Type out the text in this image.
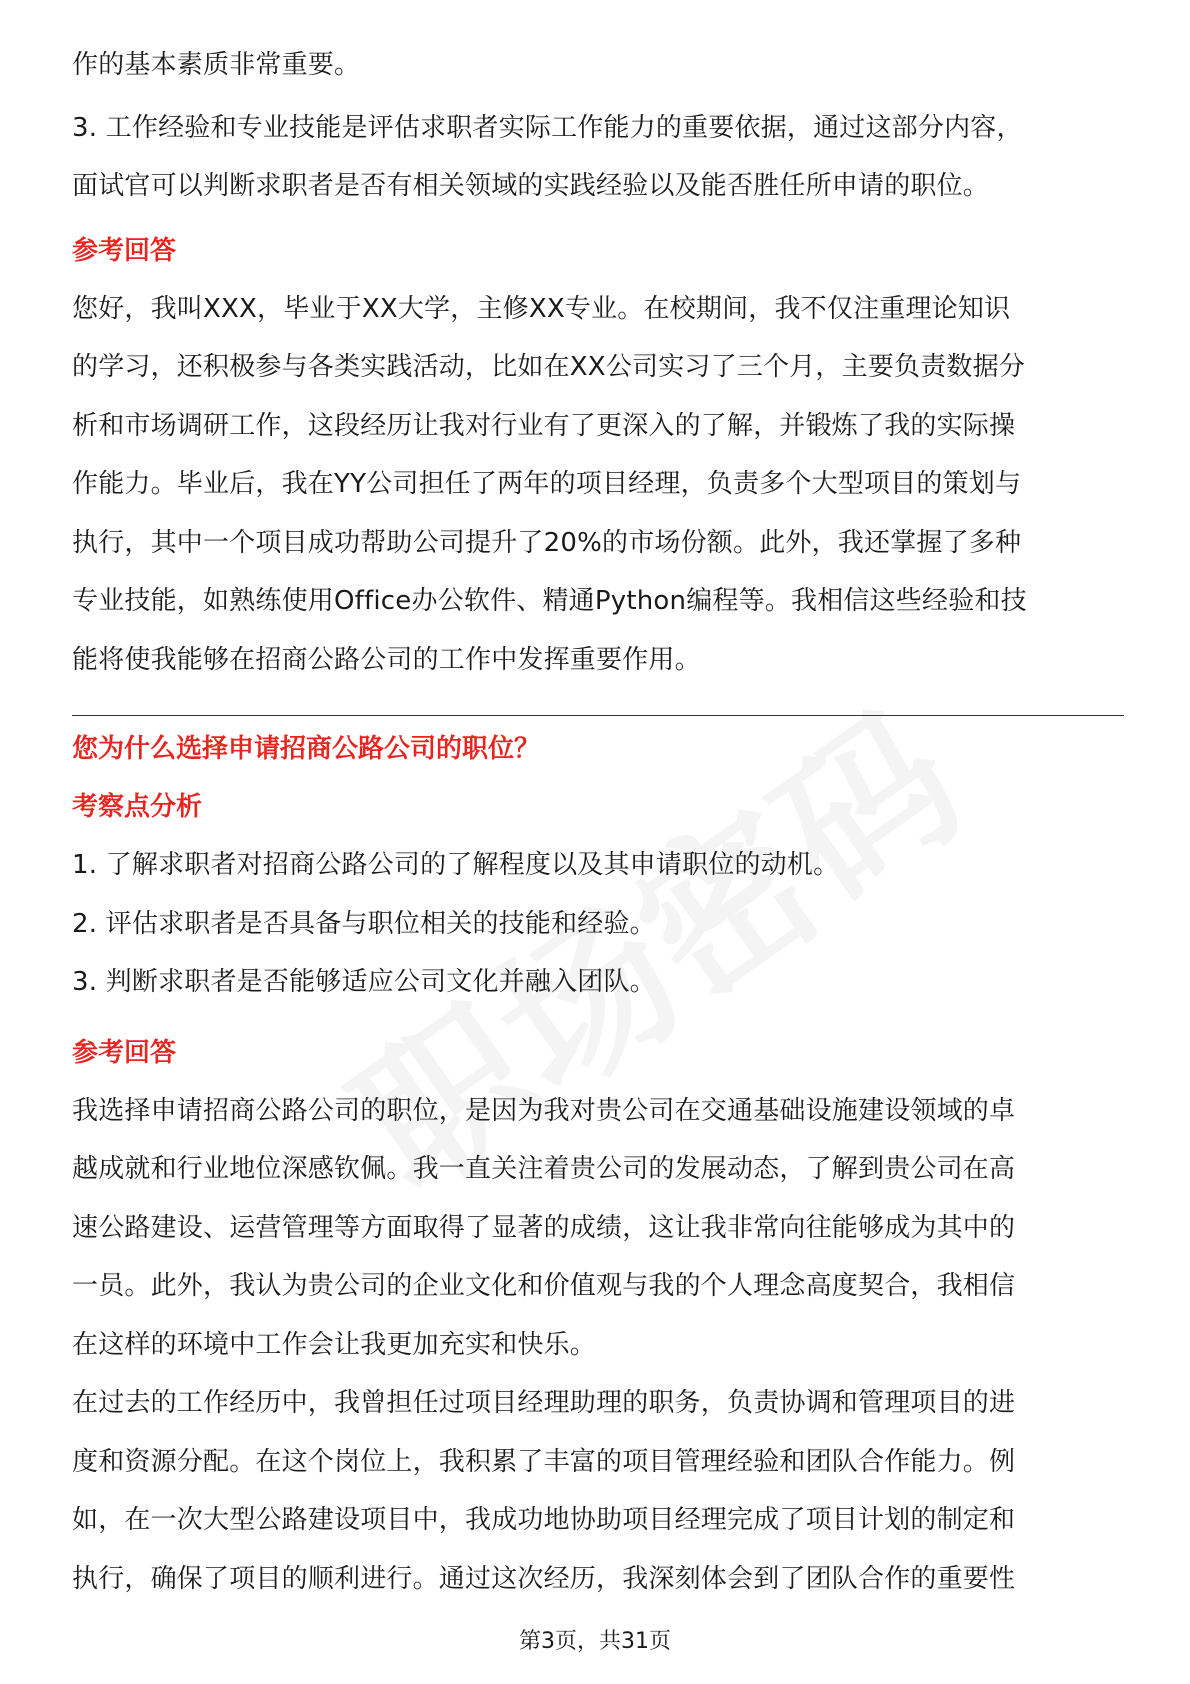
作的基本素质非常重要。

3. 工作经验和专业技能是评估求职者实际工作能力的重要依据，通过这部分内容，

面试官可以判断求职者是否有相关领域的实践经验以及能否胜任所申请的职位。

参考回答

您好，我叫XXX，毕业于XX大学，主修XX专业。在校期间，我不仅注重理论知识

的学习，还积极参与各类实践活动，比如在XX公司实习了三个月，主要负责数据分

析和市场调研工作，这段经历让我对行业有了更深入的了解，并锻炼了我的实际操

作能力。毕业后，我在YY公司担任了两年的项目经理，负责多个大型项目的策划与

执行，其中一个项目成功帮助公司提升了20%的市场份额。此外，我还掌握了多种

专业技能，如熟练使用Office办公软件、精通Python编程等。我相信这些经验和技

能将使我能够在招商公路公司的工作中发挥重要作用。

您为什么选择申请招商公路公司的职位？

考察点分析

1. 了解求职者对招商公路公司的了解程度以及其申请职位的动机。

2. 评估求职者是否具备与职位相关的技能和经验。

3. 判断求职者是否能够适应公司文化并融入团队。

参考回答

我选择申请招商公路公司的职位，是因为我对贵公司在交通基础设施建设领域的卓

越成就和行业地位深感钦佩。我一直关注着贵公司的发展动态，了解到贵公司在高

速公路建设、运营管理等方面取得了显著的成绩，这让我非常向往能够成为其中的

一员。此外，我认为贵公司的企业文化和价值观与我的个人理念高度契合，我相信

在这样的环境中工作会让我更加充实和快乐。

在过去的工作经历中，我曾担任过项目经理助理的职务，负责协调和管理项目的进

度和资源分配。在这个岗位上，我积累了丰富的项目管理经验和团队合作能力。例

如，在一次大型公路建设项目中，我成功地协助项目经理完成了项目计划的制定和

执行，确保了项目的顺利进行。通过这次经历，我深刻体会到了团队合作的重要性

第3页，共31页
